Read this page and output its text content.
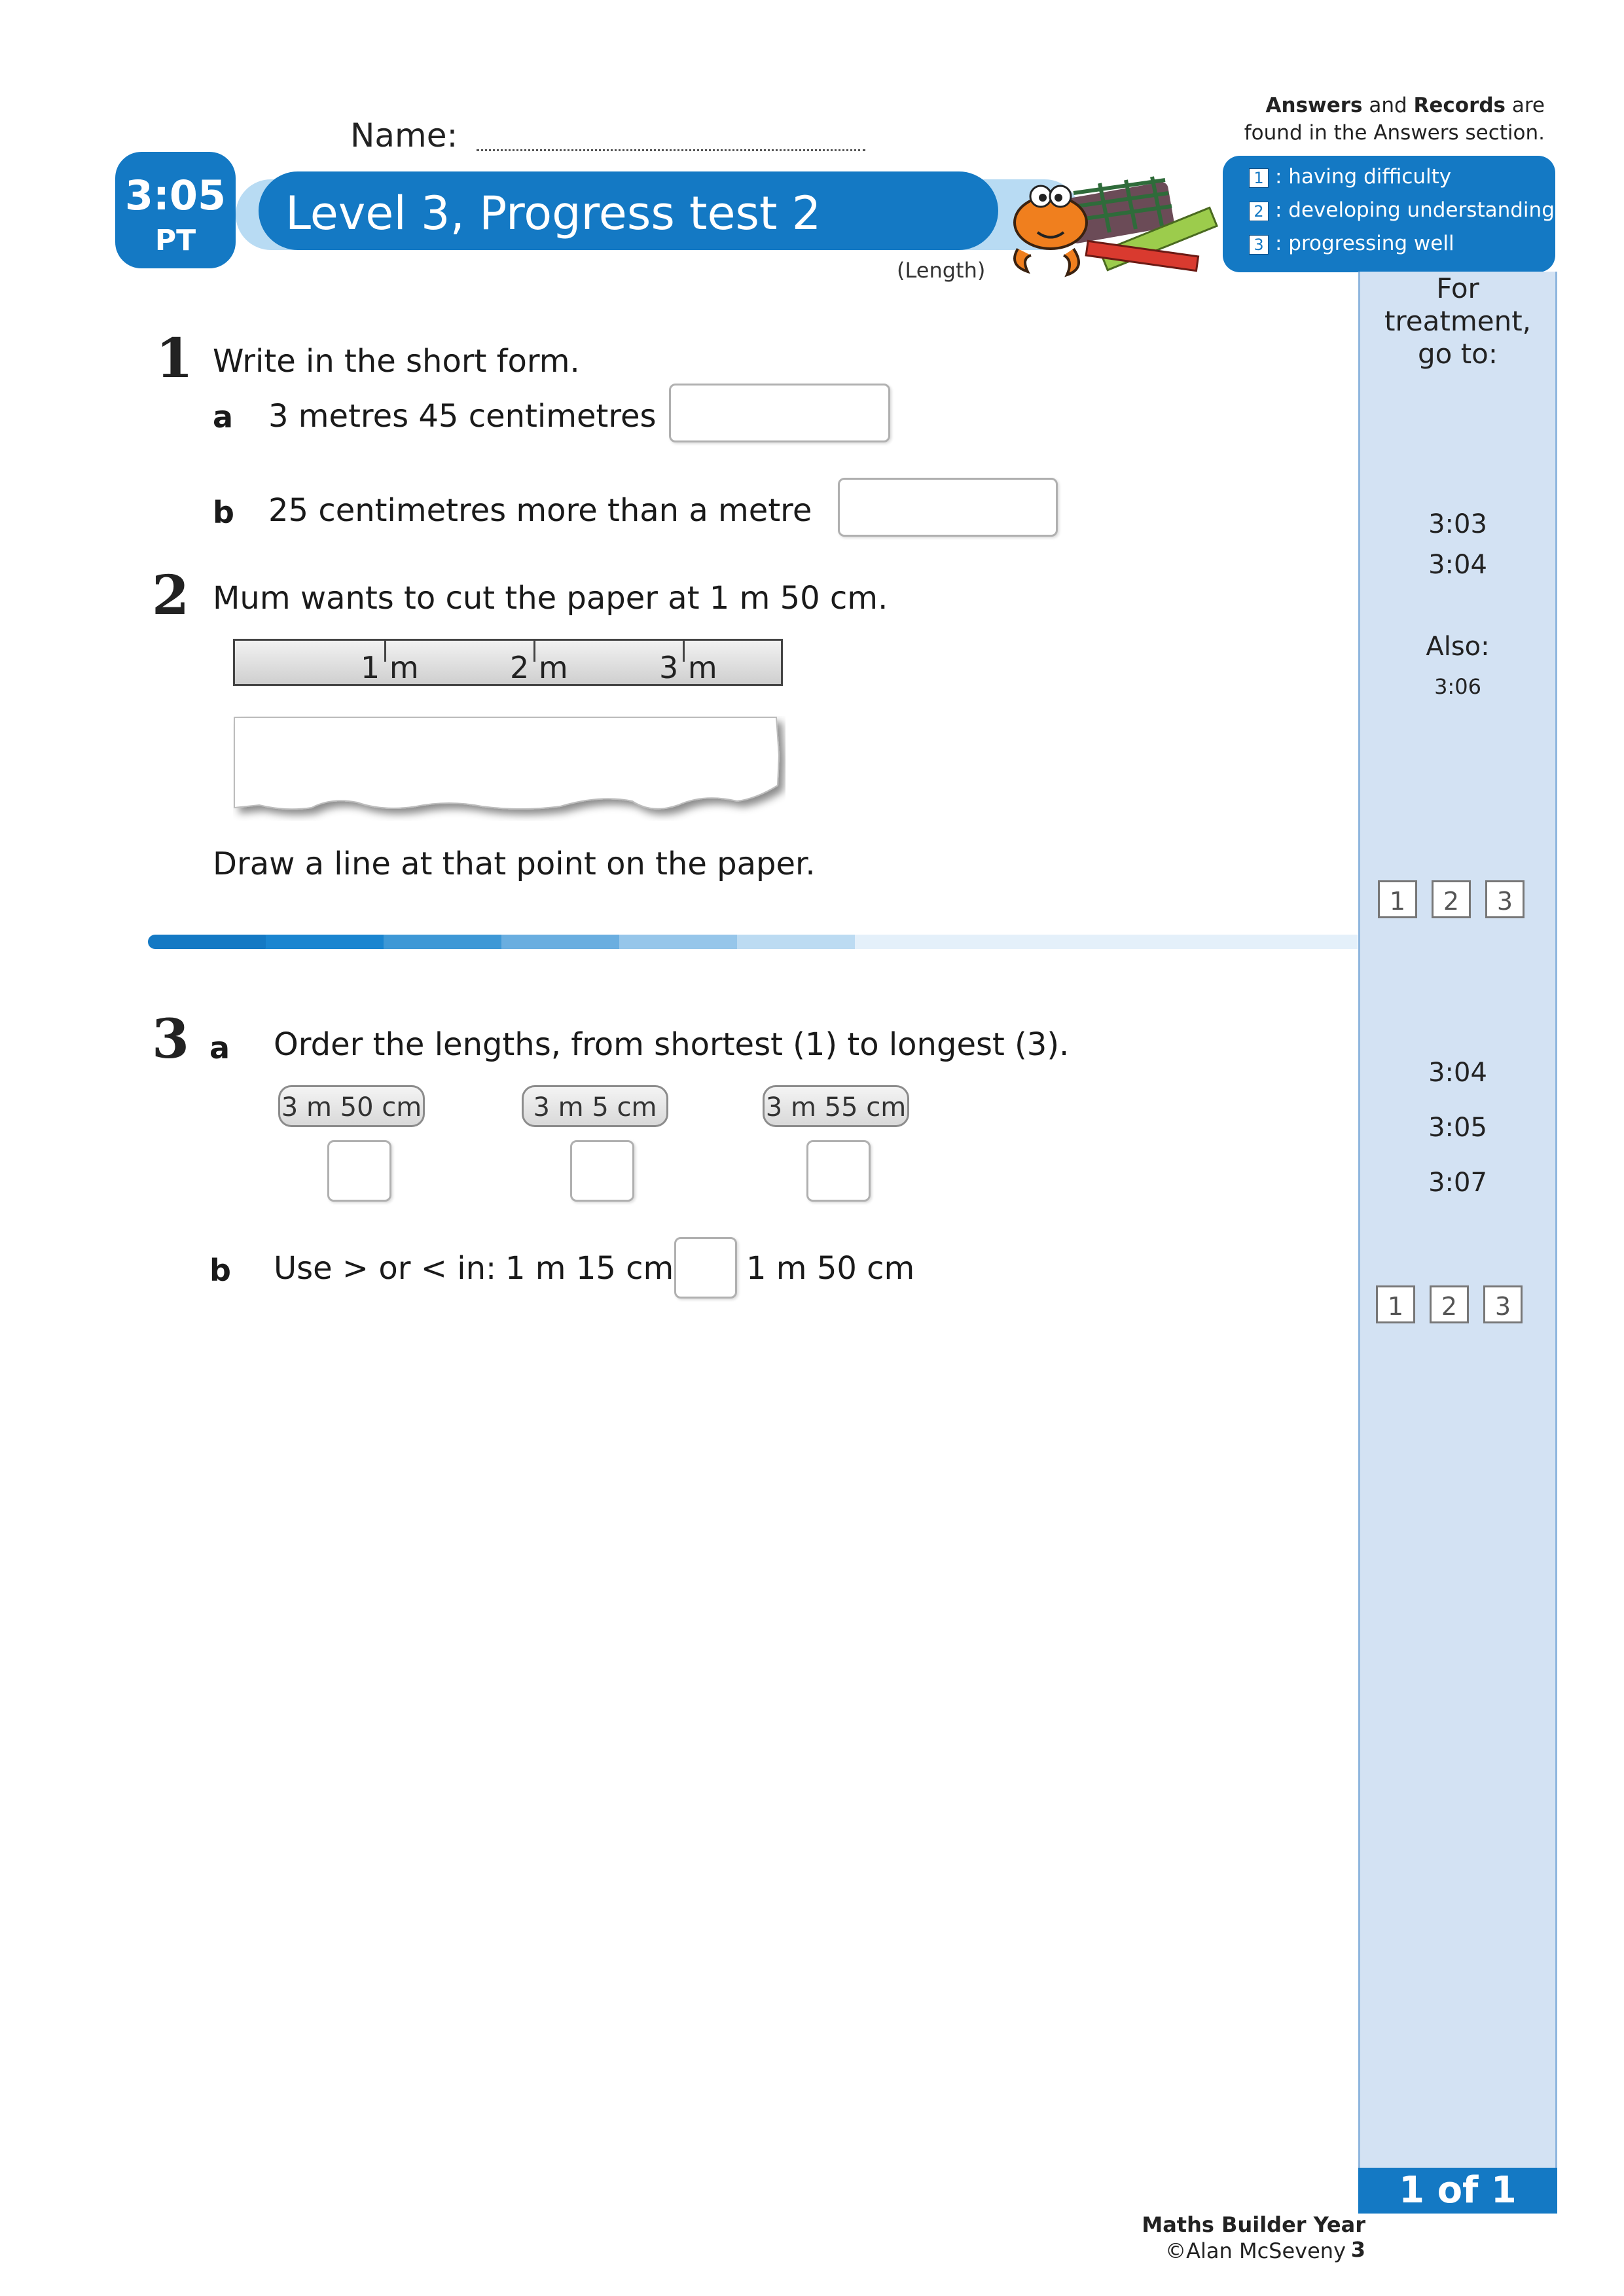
Name:
Answers and Records are
found in the Answers section.
1 : having difficulty
2 : developing understanding
3 : progressing well
3:05
PT
Level 3, Progress test 2
(Length)
For treatment,
go to:
3:03
3:04
Also:
3:06
1	2	3
3:04
3:05
3:07
1	2	3
1 of 1
1 Write in the short form.
a 3 metres 45 centimetres
b 25 centimetres more than a metre
2 Mum wants to cut the paper at 1 m 50 cm.
1 m	2 m	3 m
Draw a line at that point on the paper.
3 a Order the lengths, from shortest (1) to longest (3).
3 m 50 cm	3 m 5 cm	3 m 55 cm
b Use > or < in: 1 m 15 cm 1 m 50 cm
Maths Builder Year 3
©Alan McSeveny
